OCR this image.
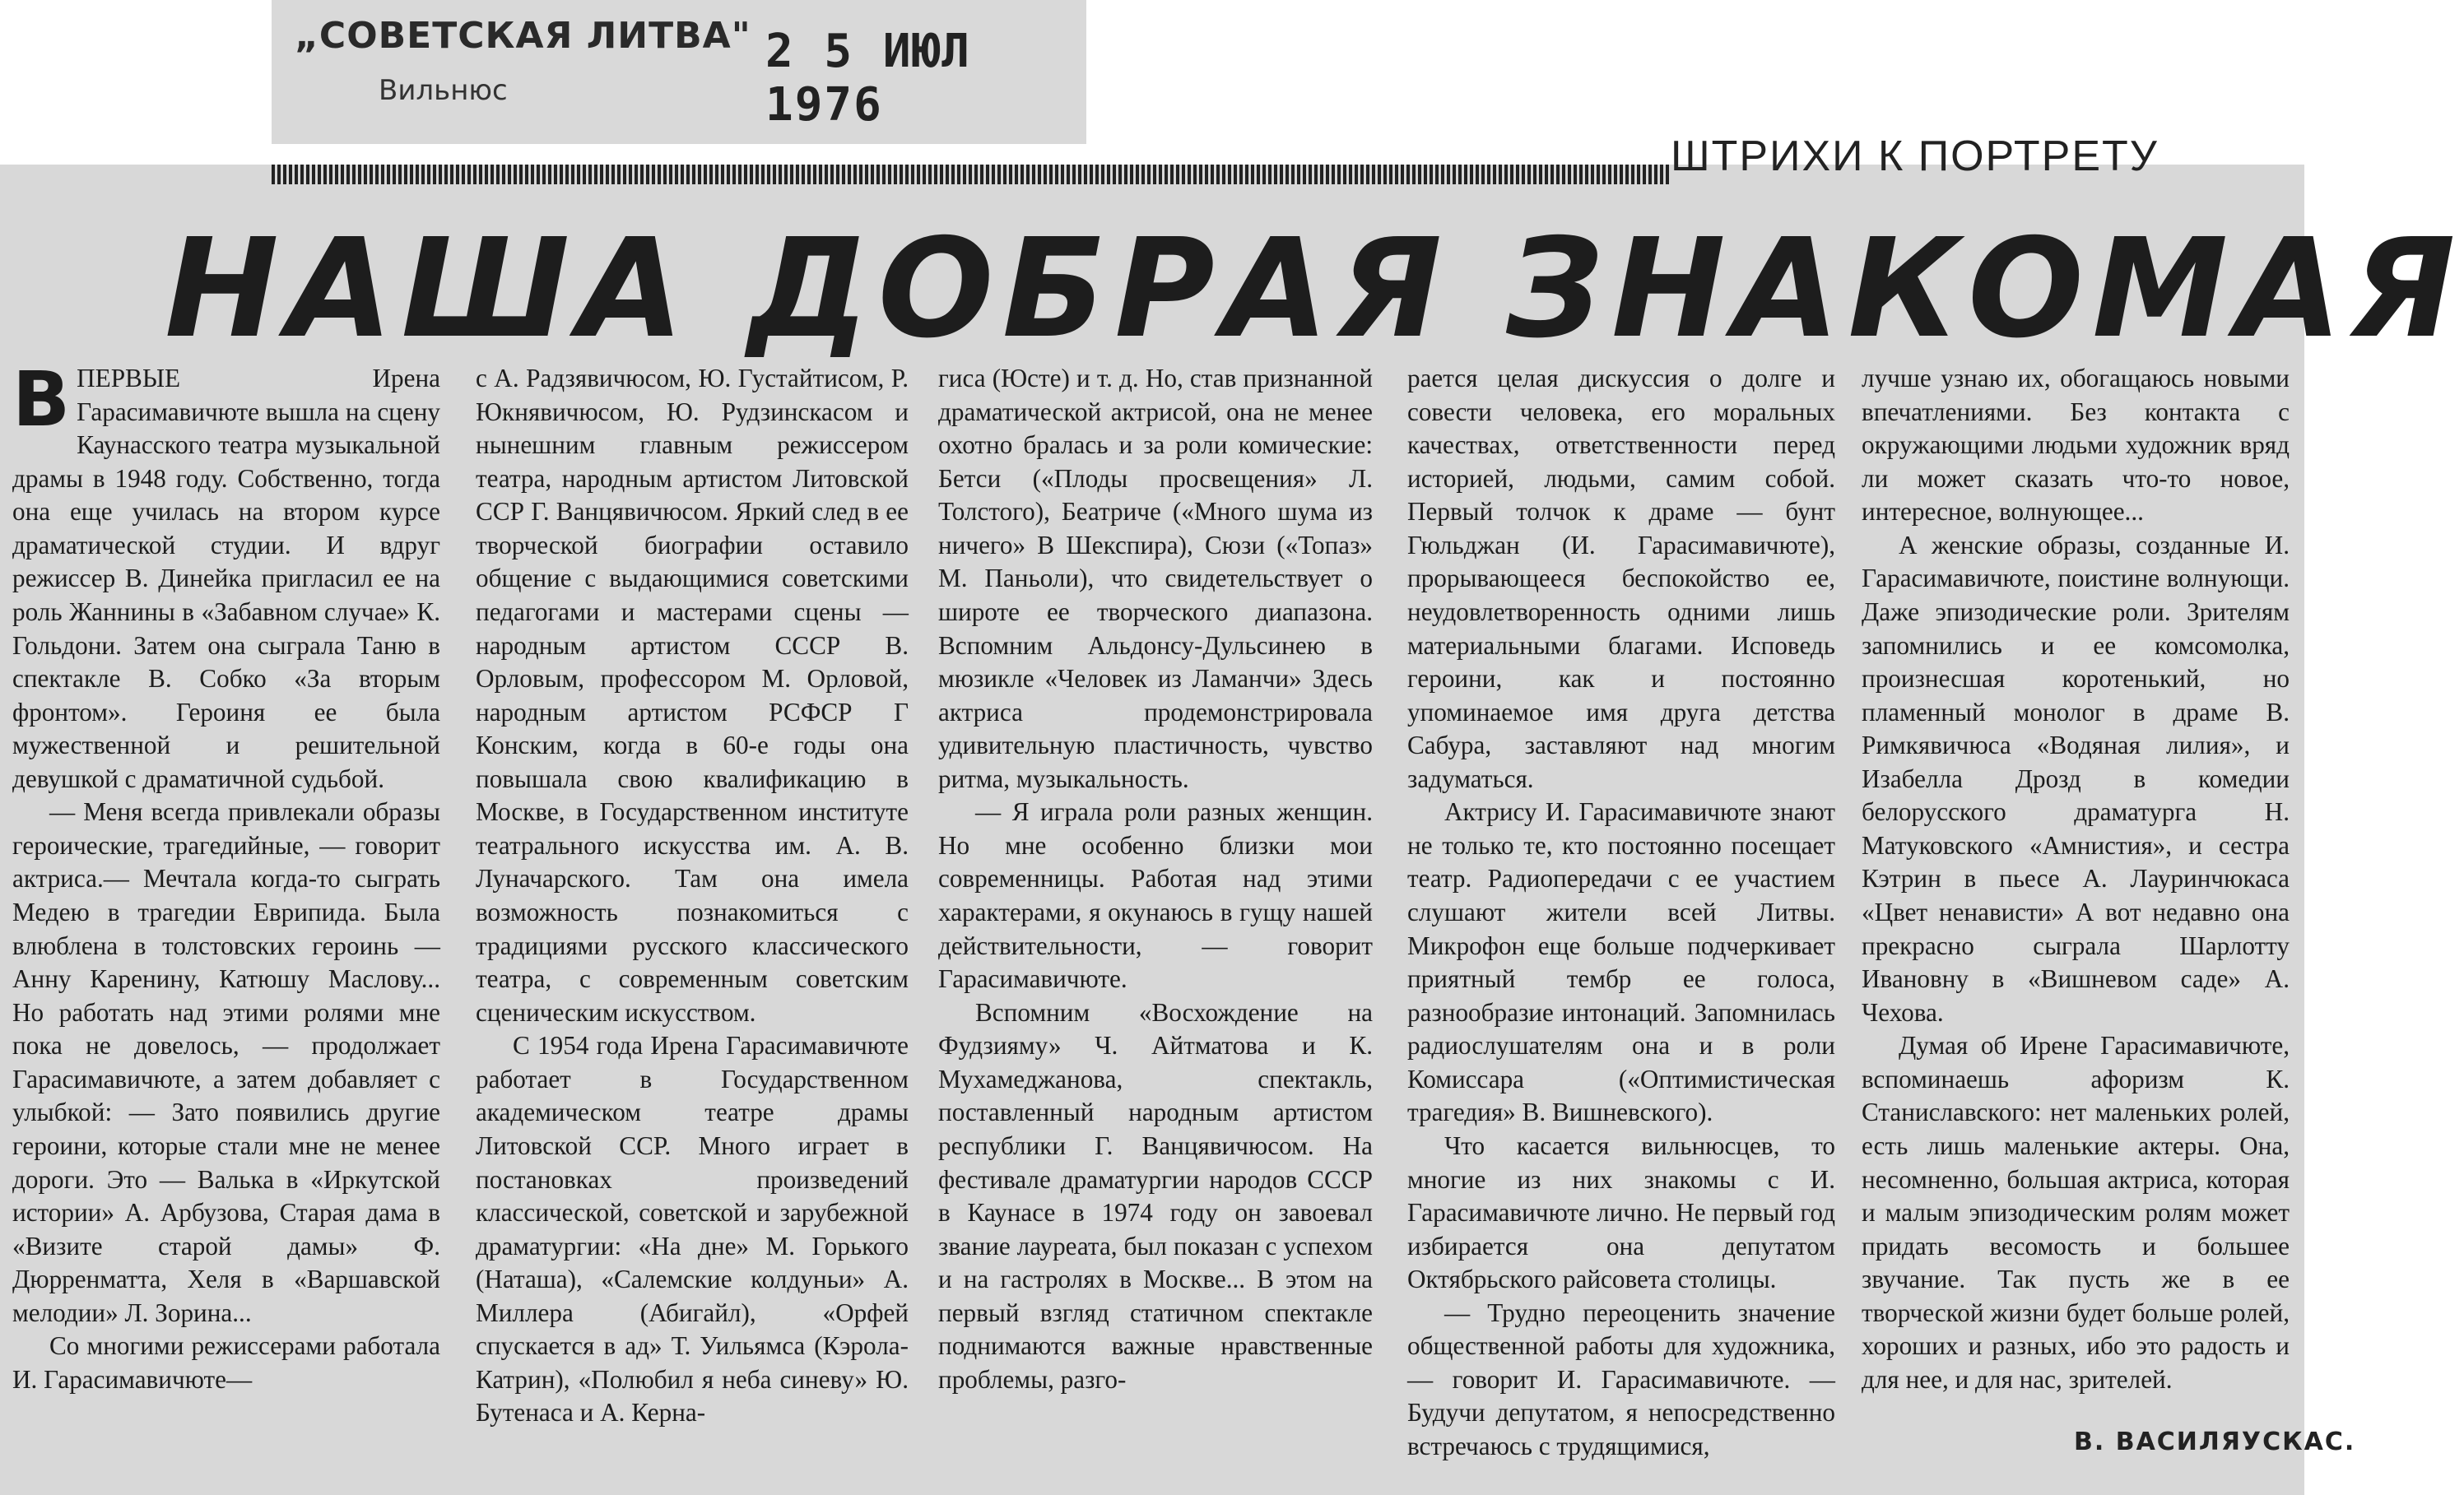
„СОВЕТСКАЯ ЛИТВА"
Вильнюс
2 5 ИЮЛ 1976
ШТРИХИ К ПОРТРЕТУ
НАША ДОБРАЯ ЗНАКОМАЯ

ВПЕРВЫЕ Ирена Гарасимавичюте вышла на сцену Каунасского театра музыкальной драмы в 1948 году. Собственно, тогда она еще училась на втором курсе драматической студии. И вдруг режиссер В. Динейка пригласил ее на роль Жаннины в «Забавном случае» К. Гольдони. Затем она сыграла Таню в спектакле В. Собко «За вторым фронтом». Героиня ее была мужественной и решительной девушкой с драматичной судьбой.

— Меня всегда привлекали образы героические, трагедийные, — говорит актриса.— Мечтала когда-то сыграть Медею в трагедии Еврипида. Была влюблена в толстовских героинь — Анну Каренину, Катюшу Маслову... Но работать над этими ролями мне пока не довелось, — продолжает Гарасимавичюте, а затем добавляет с улыбкой: — Зато появились другие героини, которые стали мне не менее дороги. Это — Валька в «Иркутской истории» А. Арбузова, Старая дама в «Визите старой дамы» Ф. Дюрренматта, Хеля в «Варшавской мелодии» Л. Зорина...

Со многими режиссерами работала И. Гарасимавичюте—

с А. Радзявичюсом, Ю. Густайтисом, Р. Юкнявичюсом, Ю. Рудзинскасом и нынешним главным режиссером театра, народным артистом Литовской ССР Г. Ванцявичюсом. Яркий след в ее творческой биографии оставило общение с выдающимися советскими педагогами и мастерами сцены — народным артистом СССР В. Орловым, профессором М. Орловой, народным артистом РСФСР Г Конским, когда в 60-е годы она повышала свою квалификацию в Москве, в Государственном институте театрального искусства им. А. В. Луначарского. Там она имела возможность познакомиться с традициями русского классического театра, с современным советским сценическим искусством.

С 1954 года Ирена Гарасимавичюте работает в Государственном академическом театре драмы Литовской ССР. Много играет в постановках произведений классической, советской и зарубежной драматургии: «На дне» М. Горького (Наташа), «Салемские колдуньи» А. Миллера (Абигайл), «Орфей спускается в ад» Т. Уильямса (Кэрола-Катрин), «Полюбил я неба синеву» Ю. Бутенаса и А. Керна-

гиса (Юсте) и т. д. Но, став признанной драматической актрисой, она не менее охотно бралась и за роли комические: Бетси («Плоды просвещения» Л. Толстого), Беатриче («Много шума из ничего» В Шекспира), Сюзи («Топаз» М. Паньоли), что свидетельствует о широте ее творческого диапазона. Вспомним Альдонсу-Дульсинею в мюзикле «Человек из Ламанчи» Здесь актриса продемонстрировала удивительную пластичность, чувство ритма, музыкальность.

— Я играла роли разных женщин. Но мне особенно близки мои современницы. Работая над этими характерами, я окунаюсь в гущу нашей действительности, — говорит Гарасимавичюте.

Вспомним «Восхождение на Фудзияму» Ч. Айтматова и К. Мухамеджанова, спектакль, поставленный народным артистом республики Г. Ванцявичюсом. На фестивале драматургии народов СССР в Каунасе в 1974 году он завоевал звание лауреата, был показан с успехом и на гастролях в Москве... В этом на первый взгляд статичном спектакле поднимаются важные нравственные проблемы, разго-

рается целая дискуссия о долге и совести человека, его моральных качествах, ответственности перед историей, людьми, самим собой. Первый толчок к драме — бунт Гюльджан (И. Гарасимавичюте), прорывающееся беспокойство ее, неудовлетворенность одними лишь материальными благами. Исповедь героини, как и постоянно упоминаемое имя друга детства Сабура, заставляют над многим задуматься.

Актрису И. Гарасимавичюте знают не только те, кто постоянно посещает театр. Радиопередачи с ее участием слушают жители всей Литвы. Микрофон еще больше подчеркивает приятный тембр ее голоса, разнообразие интонаций. Запомнилась радиослушателям она и в роли Комиссара («Оптимистическая трагедия» В. Вишневского).

Что касается вильнюсцев, то многие из них знакомы с И. Гарасимавичюте лично. Не первый год избирается она депутатом Октябрьского райсовета столицы.

— Трудно переоценить значение общественной работы для художника, — говорит И. Гарасимавичюте. — Будучи депутатом, я непосредственно встречаюсь с трудящимися,

лучше узнаю их, обогащаюсь новыми впечатлениями. Без контакта с окружающими людьми художник вряд ли может сказать что-то новое, интересное, волнующее...

А женские образы, созданные И. Гарасимавичюте, поистине волнующи. Даже эпизодические роли. Зрителям запомнились и ее комсомолка, произнесшая коротенький, но пламенный монолог в драме В. Римкявичюса «Водяная лилия», и Изабелла Дрозд в комедии белорусского драматурга Н. Матуковского «Амнистия», и сестра Кэтрин в пьесе А. Лауринчюкаса «Цвет ненависти» А вот недавно она прекрасно сыграла Шарлотту Ивановну в «Вишневом саде» А. Чехова.

Думая об Ирене Гарасимавичюте, вспоминаешь афоризм К. Станиславского: нет маленьких ролей, есть лишь маленькие актеры. Она, несомненно, большая актриса, которая и малым эпизодическим ролям может придать весомость и большее звучание. Так пусть же в ее творческой жизни будет больше ролей, хороших и разных, ибо это радость и для нее, и для нас, зрителей.

В. ВАСИЛЯУСКАС.
